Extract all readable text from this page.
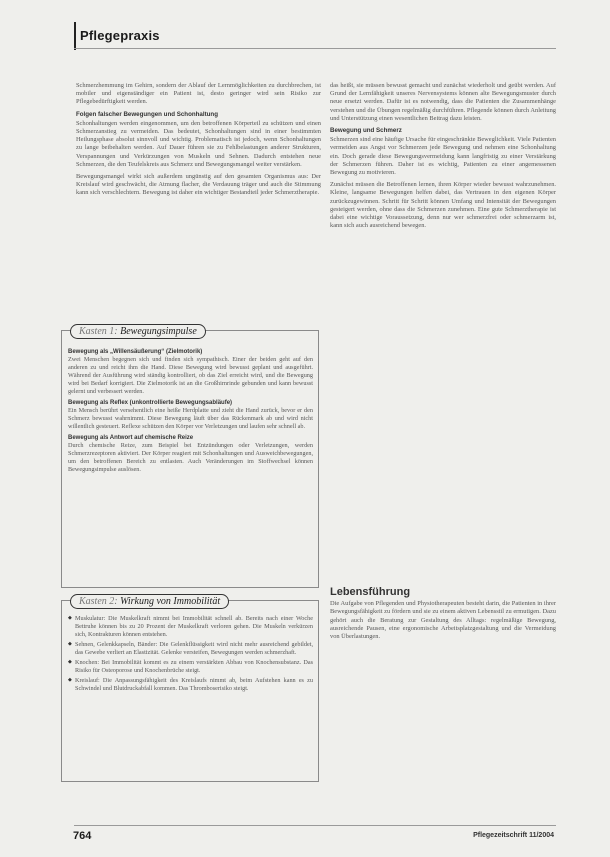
Pflegepraxis

Schmerzhemmung im Gehirn, sondern der Ablauf der Lernmöglichkeiten zu durchbrechen, ist mobiler und eigenständiger ein Patient ist, desto geringer wird sein Risiko zur Pflegebedürftigkeit werden.

Folgen falscher Bewegungen und Schonhaltung

Schonhaltungen werden eingenommen, um den betroffenen Körperteil zu schützen und einen Schmerzanstieg zu vermeiden. Das bedeutet, Schonhaltungen sind in einer bestimmten Heilungsphase absolut sinnvoll und wichtig. Problematisch ist jedoch, wenn Schonhaltungen zu lange beibehalten werden. Auf Dauer führen sie zu Fehlbelastungen anderer Strukturen, Verspannungen und Verkürzungen von Muskeln und Sehnen. Dadurch entstehen neue Schmerzen, die den Teufelskreis aus Schmerz und Bewegungsmangel weiter verstärken.

Bewegungsmangel wirkt sich außerdem ungünstig auf den gesamten Organismus aus: Der Kreislauf wird geschwächt, die Atmung flacher, die Verdauung träger und auch die Stimmung kann sich verschlechtern. Bewegung ist daher ein wichtiger Bestandteil jeder Schmerztherapie.

Kasten 1: Bewegungsimpulse
Bewegung als „Willensäußerung“ (Zielmotorik)

Zwei Menschen begegnen sich und finden sich sympathisch. Einer der beiden geht auf den anderen zu und reicht ihm die Hand. Diese Bewegung wird bewusst geplant und ausgeführt. Während der Ausführung wird ständig kontrolliert, ob das Ziel erreicht wird, und die Bewegung wird bei Bedarf korrigiert. Die Zielmotorik ist an die Großhirnrinde gebunden und kann bewusst gelernt und verbessert werden.

Bewegung als Reflex (unkontrollierte Bewegungsabläufe)

Ein Mensch berührt versehentlich eine heiße Herdplatte und zieht die Hand zurück, bevor er den Schmerz bewusst wahrnimmt. Diese Bewegung läuft über das Rückenmark ab und wird nicht willentlich gesteuert. Reflexe schützen den Körper vor Verletzungen und laufen sehr schnell ab.

Bewegung als Antwort auf chemische Reize

Durch chemische Reize, zum Beispiel bei Entzündungen oder Verletzungen, werden Schmerzrezeptoren aktiviert. Der Körper reagiert mit Schonhaltungen und Ausweichbewegungen, um den betroffenen Bereich zu entlasten. Auch Veränderungen im Stoffwechsel können Bewegungsimpulse auslösen.

Kasten 2: Wirkung von Immobilität
◆ Muskulatur: Die Muskelkraft nimmt bei Immobilität schnell ab. Bereits nach einer Woche Bettruhe können bis zu 20 Prozent der Muskelkraft verloren gehen. Die Muskeln verkürzen sich, Kontrakturen können entstehen.
◆ Sehnen, Gelenkkapseln, Bänder: Die Gelenkflüssigkeit wird nicht mehr ausreichend gebildet, das Gewebe verliert an Elastizität. Gelenke versteifen, Bewegungen werden schmerzhaft.
◆ Knochen: Bei Immobilität kommt es zu einem verstärkten Abbau von Knochensubstanz. Das Risiko für Osteoporose und Knochenbrüche steigt.
◆ Kreislauf: Die Anpassungsfähigkeit des Kreislaufs nimmt ab, beim Aufstehen kann es zu Schwindel und Blutdruckabfall kommen. Das Thromboserisiko steigt.

das heißt, sie müssen bewusst gemacht und zunächst wiederholt und geübt werden. Auf Grund der Lernfähigkeit unseres Nervensystems können alte Bewegungsmuster durch neue ersetzt werden. Dafür ist es notwendig, dass die Patienten die Zusammenhänge verstehen und die Übungen regelmäßig durchführen. Pflegende können durch Anleitung und Unterstützung einen wesentlichen Beitrag dazu leisten.

Bewegung und Schmerz

Schmerzen sind eine häufige Ursache für eingeschränkte Beweglichkeit. Viele Patienten vermeiden aus Angst vor Schmerzen jede Bewegung und nehmen eine Schonhaltung ein. Doch gerade diese Bewegungsvermeidung kann langfristig zu einer Verstärkung der Schmerzen führen. Daher ist es wichtig, Patienten zu einer angemessenen Bewegung zu motivieren.

Zunächst müssen die Betroffenen lernen, ihren Körper wieder bewusst wahrzunehmen. Kleine, langsame Bewegungen helfen dabei, das Vertrauen in den eigenen Körper zurückzugewinnen. Schritt für Schritt können Umfang und Intensität der Bewegungen gesteigert werden, ohne dass die Schmerzen zunehmen. Eine gute Schmerztherapie ist dabei eine wichtige Voraussetzung, denn nur wer schmerzfrei oder schmerzarm ist, kann sich auch ausreichend bewegen.

Lebensführung

Die Aufgabe von Pflegenden und Physiotherapeuten besteht darin, die Patienten in ihrer Bewegungsfähigkeit zu fördern und sie zu einem aktiven Lebensstil zu ermutigen. Dazu gehört auch die Beratung zur Gestaltung des Alltags: regelmäßige Bewegung, ausreichende Pausen, eine ergonomische Arbeitsplatzgestaltung und die Vermeidung von Überlastungen.

764	Pflegezeitschrift 11/2004
